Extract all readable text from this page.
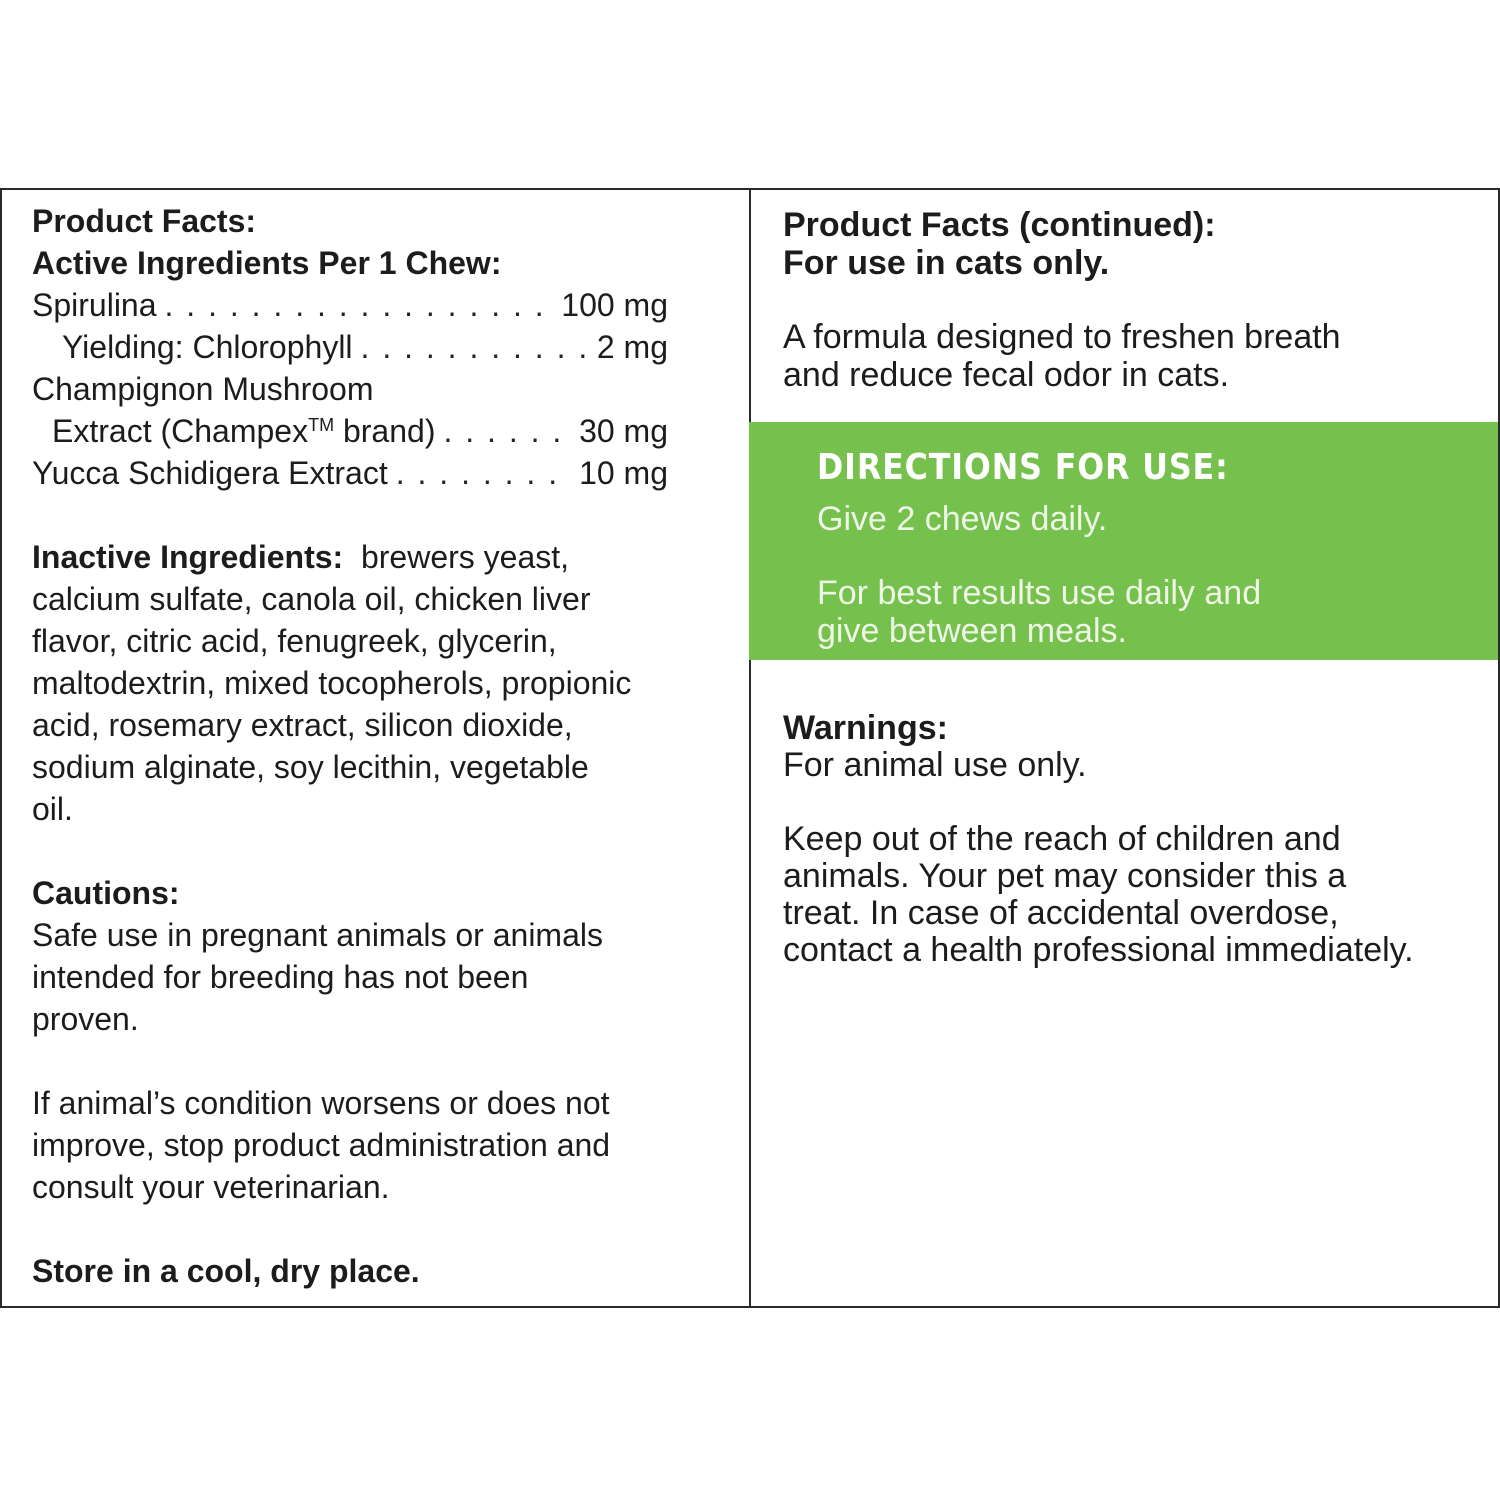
Product Facts:
Active Ingredients Per 1 Chew:
Spirulina . . .	100 mg
Yielding: Chlorophyll . . .	2 mg
Champignon Mushroom
Extract (Champex™ brand) . . .	30 mg
Yucca Schidigera Extract . . .	10 mg
Inactive Ingredients: brewers yeast,
calcium sulfate, canola oil, chicken liver
flavor, citric acid, fenugreek, glycerin,
maltodextrin, mixed tocopherols, propionic
acid, rosemary extract, silicon dioxide,
sodium alginate, soy lecithin, vegetable
oil.
Cautions:
Safe use in pregnant animals or animals
intended for breeding has not been
proven.
If animal’s condition worsens or does not
improve, stop product administration and
consult your veterinarian.
Store in a cool, dry place.
Product Facts (continued):
For use in cats only.
A formula designed to freshen breath
and reduce fecal odor in cats.
DIRECTIONS FOR USE:
Give 2 chews daily.
For best results use daily and
give between meals.
Warnings:
For animal use only.
Keep out of the reach of children and
animals. Your pet may consider this a
treat. In case of accidental overdose,
contact a health professional immediately.
